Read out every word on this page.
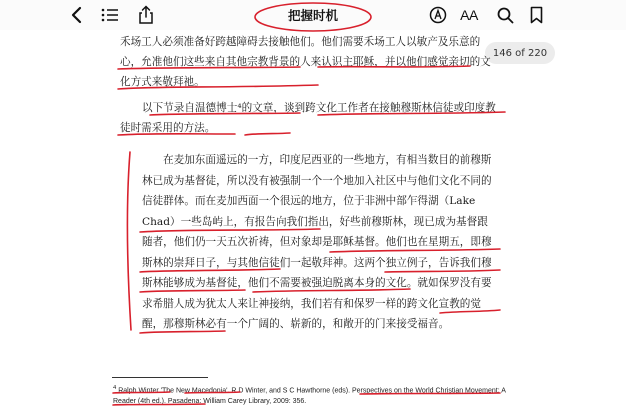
把握时机	AA
146 of 220
禾场工人必须准备好跨越障碍去接触他们。他们需要禾场工人以敏产及乐意的心，允准他们这些来自其他宗教背景的人来认识主耶稣，并以他们感觉亲切的文化方式来敬拜祂。
以下节录自温德博士⁴的文章，谈到跨文化工作者在接触穆斯林信徒或印度教徒时需采用的方法。
在麦加东面遥远的一方，印度尼西亚的一些地方，有相当数目的前穆斯林已成为基督徒，所以没有被强制一个一个地加入社区中与他们文化不同的信徒群体。而在麦加西面一个很远的地方，位于非洲中部乍得湖（Lake Chad）一些岛屿上，有报告向我们指出，好些前穆斯林，现已成为基督跟随者，他们仍一天五次祈祷，但对象却是耶稣基督。他们也在星期五，即穆斯林的崇拜日子，与其他信徒们一起敬拜神。这两个独立例子，告诉我们穆斯林能够成为基督徒，他们不需要被强迫脱离本身的文化。就如保罗没有要求希腊人成为犹太人来让神接纳，我们若有和保罗一样的跨文化宣教的觉醒，那穆斯林必有一个广阔的、崭新的，和敞开的门来接受福音。
$^4$ Ralph Winter 'The New Macedonia'. R D Winter, and S C Hawthorne (eds). Perspectives on the World Christian Movement: A Reader (4th ed.). Pasadena: William Carey Library, 2009: 356.
